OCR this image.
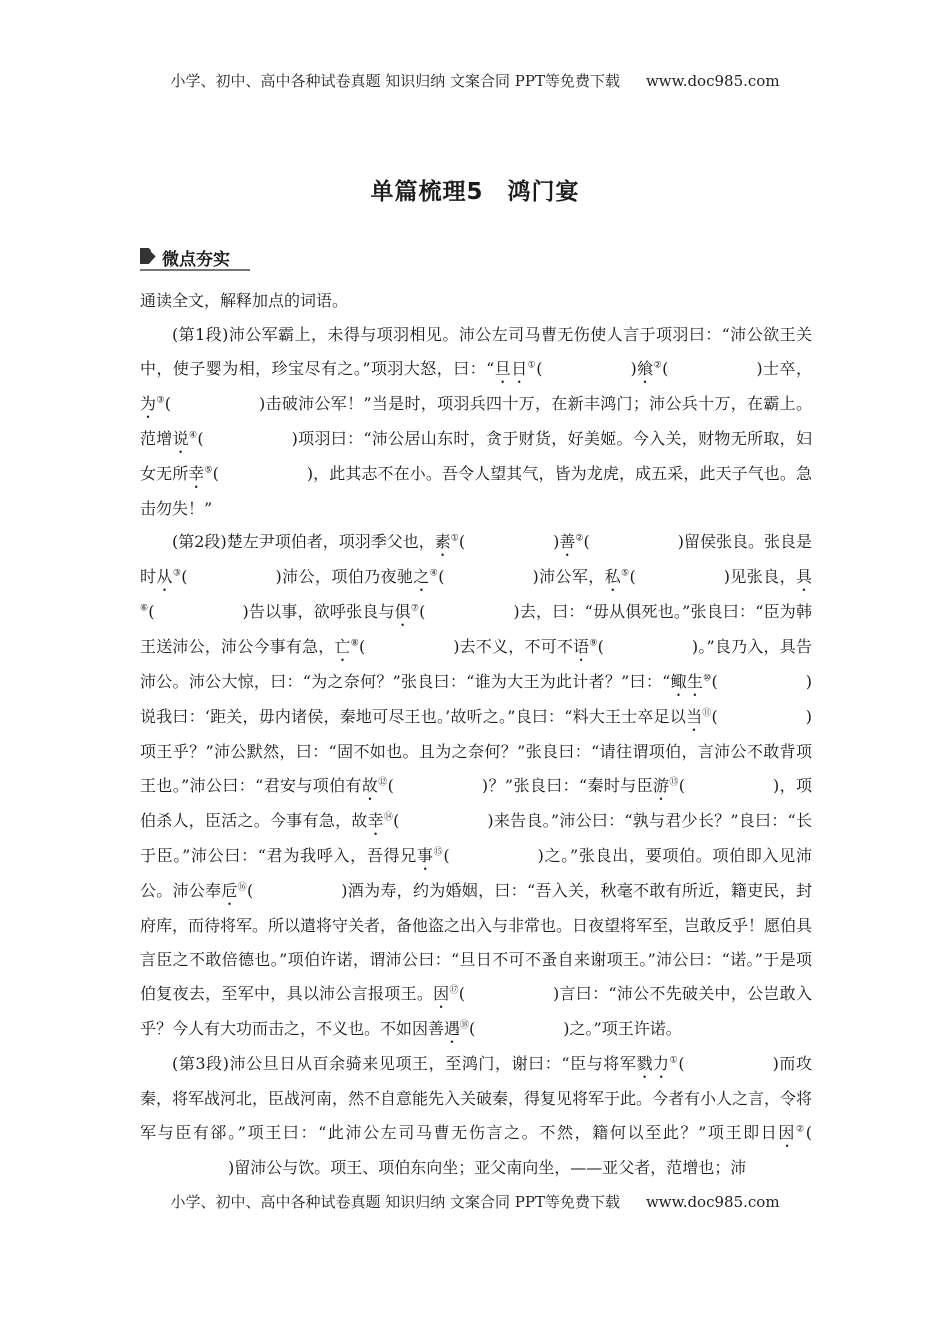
小学、初中、高中各种试卷真题 知识归纳 文案合同 PPT等免费下载 www.doc985.com
单篇梳理5　鸿门宴
微点夯实

通读全文，解释加点的词语。

(第1段)沛公军霸上，未得与项羽相见。沛公左司马曹无伤使人言于项羽曰：“沛公欲王关中，使子婴为相，珍宝尽有之。”项羽大怒，曰：“旦日①(	)飨②(	)士卒，为③(	)击破沛公军！”当是时，项羽兵四十万，在新丰鸿门；沛公兵十万，在霸上。范增说④(	)项羽曰：“沛公居山东时，贪于财货，好美姬。今入关，财物无所取，妇女无所幸⑤(	)，此其志不在小。吾令人望其气，皆为龙虎，成五采，此天子气也。急击勿失！”

(第2段)楚左尹项伯者，项羽季父也，素①(	)善②(	)留侯张良。张良是时从③(	)沛公，项伯乃夜驰之④(	)沛公军，私⑤(	)见张良，具⑥(	)告以事，欲呼张良与俱⑦(	)去，曰：“毋从俱死也。”张良曰：“臣为韩王送沛公，沛公今事有急，亡⑧(	)去不义，不可不语⑨(	)。”良乃入，具告沛公。沛公大惊，曰：“为之奈何？”张良曰：“谁为大王为此计者？”曰：“鲰生⑩(	)说我曰：‘距关，毋内诸侯，秦地可尽王也。’故听之。”良曰：“料大王士卒足以当⑪(	)项王乎？”沛公默然，曰：“固不如也。且为之奈何？”张良曰：“请往谓项伯，言沛公不敢背项王也。”沛公曰：“君安与项伯有故⑫(	)？”张良曰：“秦时与臣游⑬(	)，项伯杀人，臣活之。今事有急，故幸⑭(	)来告良。”沛公曰：“孰与君少长？”良曰：“长于臣。”沛公曰：“君为我呼入，吾得兄事⑮(	)之。”张良出，要项伯。项伯即入见沛公。沛公奉卮⑯(	)酒为寿，约为婚姻，曰：“吾入关，秋毫不敢有所近，籍吏民，封府库，而待将军。所以遣将守关者，备他盗之出入与非常也。日夜望将军至，岂敢反乎！愿伯具言臣之不敢倍德也。”项伯许诺，谓沛公曰：“旦日不可不蚤自来谢项王。”沛公曰：“诺。”于是项伯复夜去，至军中，具以沛公言报项王。因⑰(	)言曰：“沛公不先破关中，公岂敢入乎？今人有大功而击之，不义也。不如因善遇⑱(	)之。”项王许诺。

(第3段)沛公旦日从百余骑来见项王，至鸿门，谢曰：“臣与将军戮力①(	)而攻秦，将军战河北，臣战河南，然不自意能先入关破秦，得复见将军于此。今者有小人之言，令将军与臣有郤。”项王曰：“此沛公左司马曹无伤言之。不然，籍何以至此？”项王即日因②()留沛公与饮。项王、项伯东向坐；亚父南向坐，——亚父者，范增也；沛

小学、初中、高中各种试卷真题 知识归纳 文案合同 PPT等免费下载 www.doc985.com
